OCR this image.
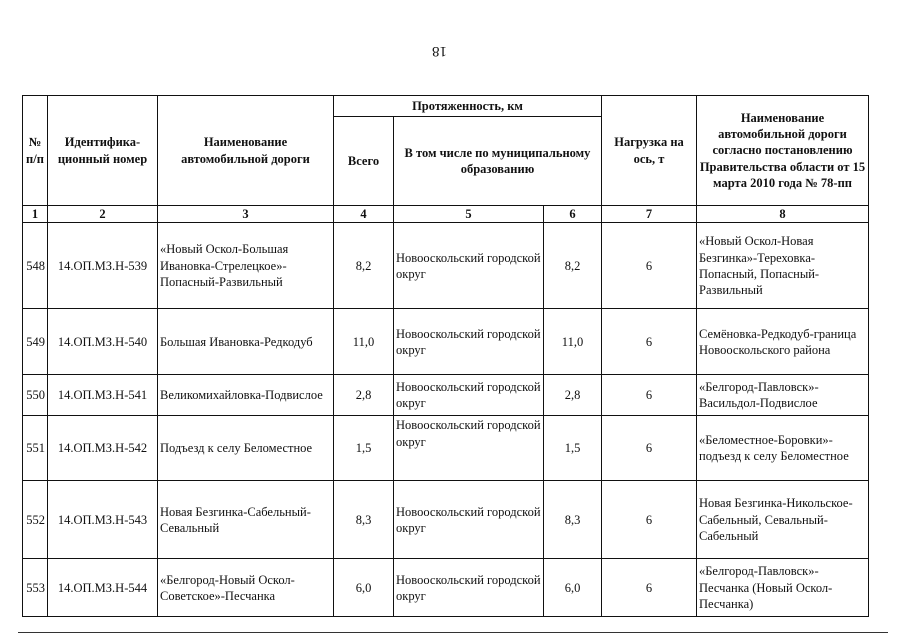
18
№ п/п	Идентифика-ционный номер	Наименование автомобильной дороги	Протяженность, км			Нагрузка на ось, т	Наименование автомобильной дороги согласно постановлению Правительства области от 15 марта 2010 года № 78-пп
			Всего	В том числе по муниципальному образованию			
1	2	3	4	5	6	7	8
548	14.ОП.МЗ.Н-539	«Новый Оскол-Большая Ивановка-Стрелецкое»-Попасный-Развильный	8,2	Новооскольский городской округ	8,2	6	«Новый Оскол-Новая Безгинка»-Тереховка-Попасный, Попасный-Развильный
549	14.ОП.МЗ.Н-540	Большая Ивановка-Редкодуб	11,0	Новооскольский городской округ	11,0	6	Семёновка-Редкодуб-граница Новооскольского района
550	14.ОП.МЗ.Н-541	Великомихайловка-Подвислое	2,8	Новооскольский городской округ	2,8	6	«Белгород-Павловск»-Васильдол-Подвислое
551	14.ОП.МЗ.Н-542	Подъезд к селу Беломестное	1,5	Новооскольский городской округ	1,5	6	«Беломестное-Боровки»-подъезд к селу Беломестное
552	14.ОП.МЗ.Н-543	Новая Безгинка-Сабельный-Севальный	8,3	Новооскольский городской округ	8,3	6	Новая Безгинка-Никольское-Сабельный, Севальный-Сабельный
553	14.ОП.МЗ.Н-544	«Белгород-Новый Оскол-Советское»-Песчанка	6,0	Новооскольский городской округ	6,0	6	«Белгород-Павловск»-Песчанка (Новый Оскол-Песчанка)
